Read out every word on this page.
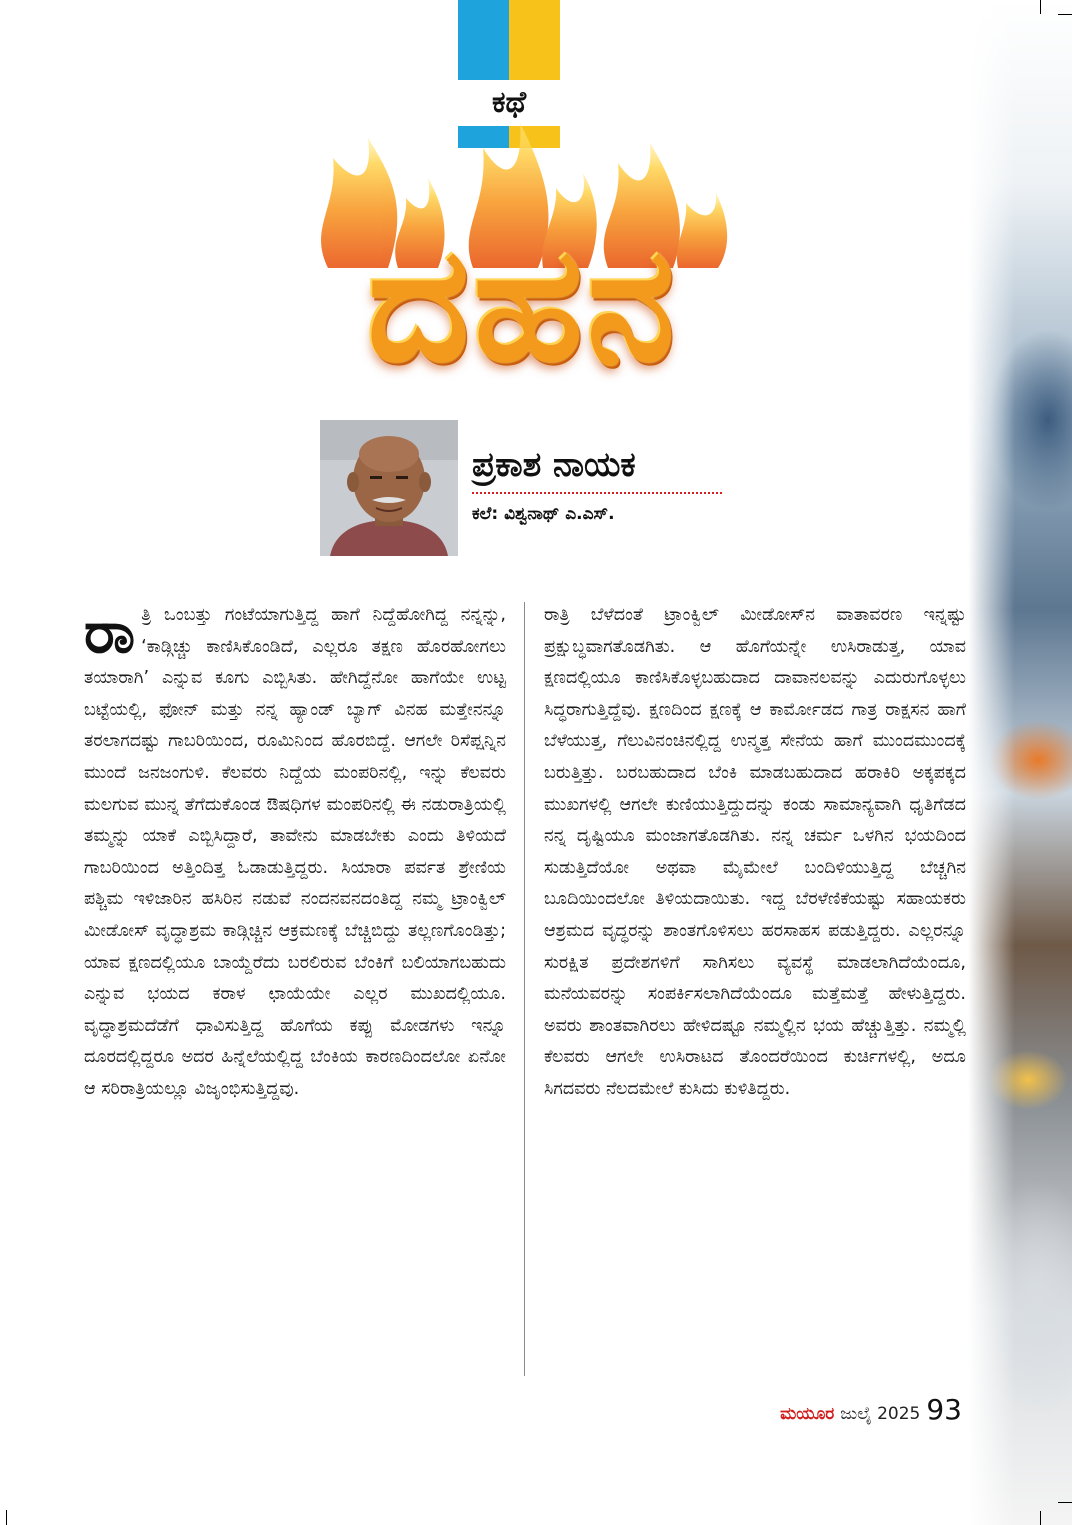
ಕಥೆ
ದಹನ
ಪ್ರಕಾಶ ನಾಯಕ
ಕಲೆ: ವಿಶ್ವನಾಥ್ ಎ.ಎಸ್.
ರಾ ತ್ರಿ ಒಂಬತ್ತು ಗಂಟೆಯಾಗುತ್ತಿದ್ದ ಹಾಗೆ ನಿದ್ದೆಹೋಗಿದ್ದ ನನ್ನನ್ನು, ‘ಕಾಡ್ಗಿಚ್ಚು ಕಾಣಿಸಿಕೊಂಡಿದೆ, ಎಲ್ಲರೂ ತಕ್ಷಣ ಹೊರಹೋಗಲು ತಯಾರಾಗಿ’ ಎನ್ನುವ ಕೂಗು ಎಬ್ಬಿಸಿತು. ಹೇಗಿದ್ದೆನೋ ಹಾಗೆಯೇ ಉಟ್ಟ ಬಟ್ಟೆಯಲ್ಲಿ, ಫೋನ್ ಮತ್ತು ನನ್ನ ಹ್ಯಾಂಡ್ ಬ್ಯಾಗ್ ವಿನಹ ಮತ್ತೇನನ್ನೂ ತರಲಾಗದಷ್ಟು ಗಾಬರಿಯಿಂದ, ರೂಮಿನಿಂದ ಹೊರಬಿದ್ದೆ. ಆಗಲೇ ರಿಸೆಪ್ಷನ್ನಿನ ಮುಂದೆ ಜನಜಂಗುಳಿ. ಕೆಲವರು ನಿದ್ದೆಯ ಮಂಪರಿನಲ್ಲಿ, ಇನ್ನು ಕೆಲವರು ಮಲಗುವ ಮುನ್ನ ತೆಗೆದುಕೊಂಡ ಔಷಧಿಗಳ ಮಂಪರಿನಲ್ಲಿ ಈ ನಡುರಾತ್ರಿಯಲ್ಲಿ ತಮ್ಮನ್ನು ಯಾಕೆ ಎಬ್ಬಿಸಿದ್ದಾರೆ, ತಾವೇನು ಮಾಡಬೇಕು ಎಂದು ತಿಳಿಯದೆ ಗಾಬರಿಯಿಂದ ಅತ್ತಿಂದಿತ್ತ ಓಡಾಡುತ್ತಿದ್ದರು. ಸಿಯಾರಾ ಪರ್ವತ ಶ್ರೇಣಿಯ ಪಶ್ಚಿಮ ಇಳಿಜಾರಿನ ಹಸಿರಿನ ನಡುವೆ ನಂದನವನದಂತಿದ್ದ ನಮ್ಮ ಟ್ರಾಂಕ್ವಿಲ್ ಮೀಡೋಸ್ ವೃದ್ಧಾಶ್ರಮ ಕಾಡ್ಗಿಚ್ಚಿನ ಆಕ್ರಮಣಕ್ಕೆ ಬೆಚ್ಚಿಬಿದ್ದು ತಲ್ಲಣಗೊಂಡಿತ್ತು; ಯಾವ ಕ್ಷಣದಲ್ಲಿಯೂ ಬಾಯ್ದೆರೆದು ಬರಲಿರುವ ಬೆಂಕಿಗೆ ಬಲಿಯಾಗಬಹುದು ಎನ್ನುವ ಭಯದ ಕರಾಳ ಛಾಯೆಯೇ ಎಲ್ಲರ ಮುಖದಲ್ಲಿಯೂ. ವೃದ್ಧಾಶ್ರಮದೆಡೆಗೆ ಧಾವಿಸುತ್ತಿದ್ದ ಹೊಗೆಯ ಕಪ್ಪು ಮೋಡಗಳು ಇನ್ನೂ ದೂರದಲ್ಲಿದ್ದರೂ ಅದರ ಹಿನ್ನೆಲೆಯಲ್ಲಿದ್ದ ಬೆಂಕಿಯ ಕಾರಣದಿಂದಲೋ ಏನೋ ಆ ಸರಿರಾತ್ರಿಯಲ್ಲೂ ವಿಜೃಂಭಿಸುತ್ತಿದ್ದವು.

ರಾತ್ರಿ ಬೆಳೆದಂತೆ ಟ್ರಾಂಕ್ವಿಲ್ ಮೀಡೋಸ್‌ನ ವಾತಾವರಣ ಇನ್ನಷ್ಟು ಪ್ರಕ್ಷುಬ್ಧವಾಗತೊಡಗಿತು. ಆ ಹೊಗೆಯನ್ನೇ ಉಸಿರಾಡುತ್ತ, ಯಾವ ಕ್ಷಣದಲ್ಲಿಯೂ ಕಾಣಿಸಿಕೊಳ್ಳಬಹುದಾದ ದಾವಾನಲವನ್ನು ಎದುರುಗೊಳ್ಳಲು ಸಿದ್ಧರಾಗುತ್ತಿದ್ದೆವು. ಕ್ಷಣದಿಂದ ಕ್ಷಣಕ್ಕೆ ಆ ಕಾರ್ಮೋಡದ ಗಾತ್ರ ರಾಕ್ಷಸನ ಹಾಗೆ ಬೆಳೆಯುತ್ತ, ಗೆಲುವಿನಂಚಿನಲ್ಲಿದ್ದ ಉನ್ಮತ್ತ ಸೇನೆಯ ಹಾಗೆ ಮುಂದಮುಂದಕ್ಕೆ ಬರುತ್ತಿತ್ತು. ಬರಬಹುದಾದ ಬೆಂಕಿ ಮಾಡಬಹುದಾದ ಹರಾಕಿರಿ ಅಕ್ಕಪಕ್ಕದ ಮುಖಗಳಲ್ಲಿ ಆಗಲೇ ಕುಣಿಯುತ್ತಿದ್ದುದನ್ನು ಕಂಡು ಸಾಮಾನ್ಯವಾಗಿ ಧೃತಿಗೆಡದ ನನ್ನ ದೃಷ್ಟಿಯೂ ಮಂಜಾಗತೊಡಗಿತು. ನನ್ನ ಚರ್ಮ ಒಳಗಿನ ಭಯದಿಂದ ಸುಡುತ್ತಿದೆಯೋ ಅಥವಾ ಮೈಮೇಲೆ ಬಂದಿಳಿಯುತ್ತಿದ್ದ ಬೆಚ್ಚಗಿನ ಬೂದಿಯಿಂದಲೋ ತಿಳಿಯದಾಯಿತು. ಇದ್ದ ಬೆರಳೆಣಿಕೆಯಷ್ಟು ಸಹಾಯಕರು ಆಶ್ರಮದ ವೃದ್ಧರನ್ನು ಶಾಂತಗೊಳಿಸಲು ಹರಸಾಹಸ ಪಡುತ್ತಿದ್ದರು. ಎಲ್ಲರನ್ನೂ ಸುರಕ್ಷಿತ ಪ್ರದೇಶಗಳಿಗೆ ಸಾಗಿಸಲು ವ್ಯವಸ್ಥೆ ಮಾಡಲಾಗಿದೆಯೆಂದೂ, ಮನೆಯವರನ್ನು ಸಂಪರ್ಕಿಸಲಾಗಿದೆಯೆಂದೂ ಮತ್ತೆಮತ್ತೆ ಹೇಳುತ್ತಿದ್ದರು. ಅವರು ಶಾಂತವಾಗಿರಲು ಹೇಳಿದಷ್ಟೂ ನಮ್ಮಲ್ಲಿನ ಭಯ ಹೆಚ್ಚುತ್ತಿತ್ತು. ನಮ್ಮಲ್ಲಿ ಕೆಲವರು ಆಗಲೇ ಉಸಿರಾಟದ ತೊಂದರೆಯಿಂದ ಕುರ್ಚಿಗಳಲ್ಲಿ, ಅದೂ ಸಿಗದವರು ನೆಲದಮೇಲೆ ಕುಸಿದು ಕುಳಿತಿದ್ದರು.

ಮಯೂರ ಜುಲೈ 2025 93
